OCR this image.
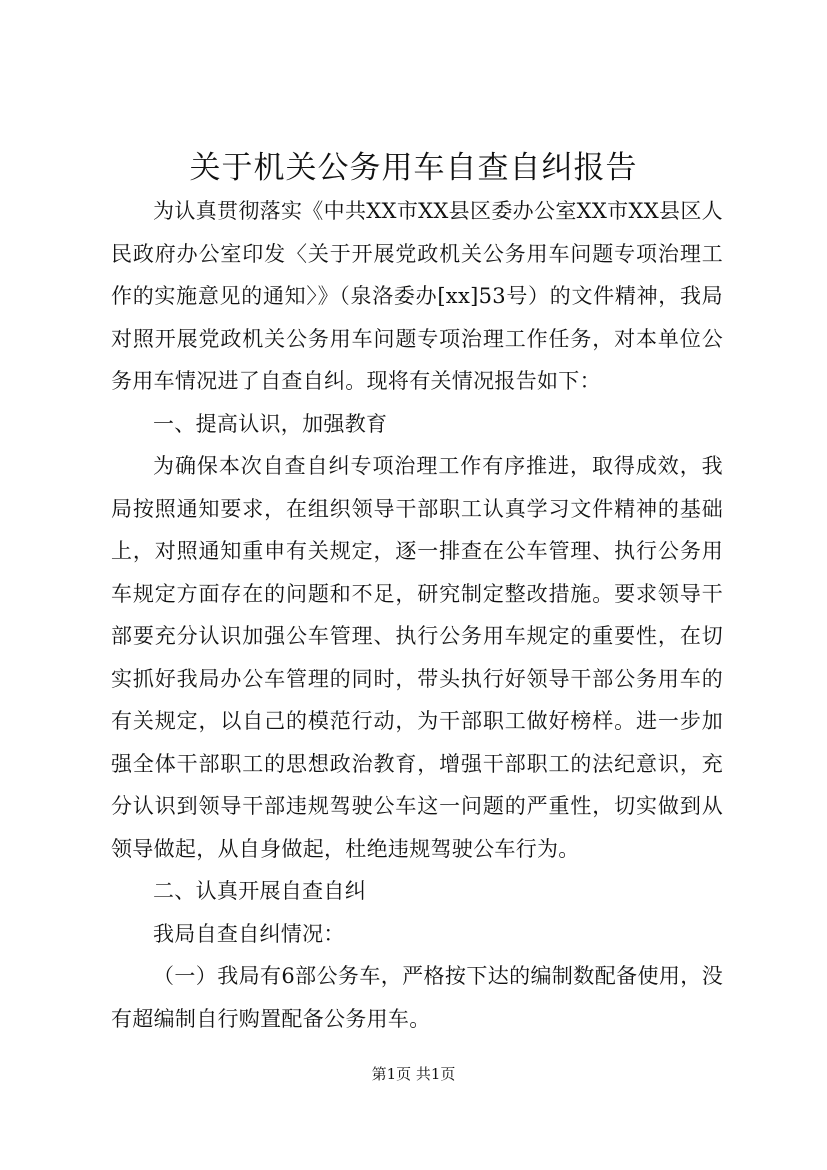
关于机关公务用车自查自纠报告

为认真贯彻落实《中共XX市XX县区委办公室XX市XX县区人民政府办公室印发〈关于开展党政机关公务用车问题专项治理工作的实施意见的通知〉》（泉洛委办[xx]53号）的文件精神，我局对照开展党政机关公务用车问题专项治理工作任务，对本单位公务用车情况进了自查自纠。现将有关情况报告如下：

一、提高认识，加强教育

为确保本次自查自纠专项治理工作有序推进，取得成效，我局按照通知要求，在组织领导干部职工认真学习文件精神的基础上，对照通知重申有关规定，逐一排查在公车管理、执行公务用车规定方面存在的问题和不足，研究制定整改措施。要求领导干部要充分认识加强公车管理、执行公务用车规定的重要性，在切实抓好我局办公车管理的同时，带头执行好领导干部公务用车的有关规定，以自己的模范行动，为干部职工做好榜样。进一步加强全体干部职工的思想政治教育，增强干部职工的法纪意识，充分认识到领导干部违规驾驶公车这一问题的严重性，切实做到从领导做起，从自身做起，杜绝违规驾驶公车行为。

二、认真开展自查自纠

我局自查自纠情况：

（一）我局有6部公务车，严格按下达的编制数配备使用，没有超编制自行购置配备公务用车。

第1页 共1页
